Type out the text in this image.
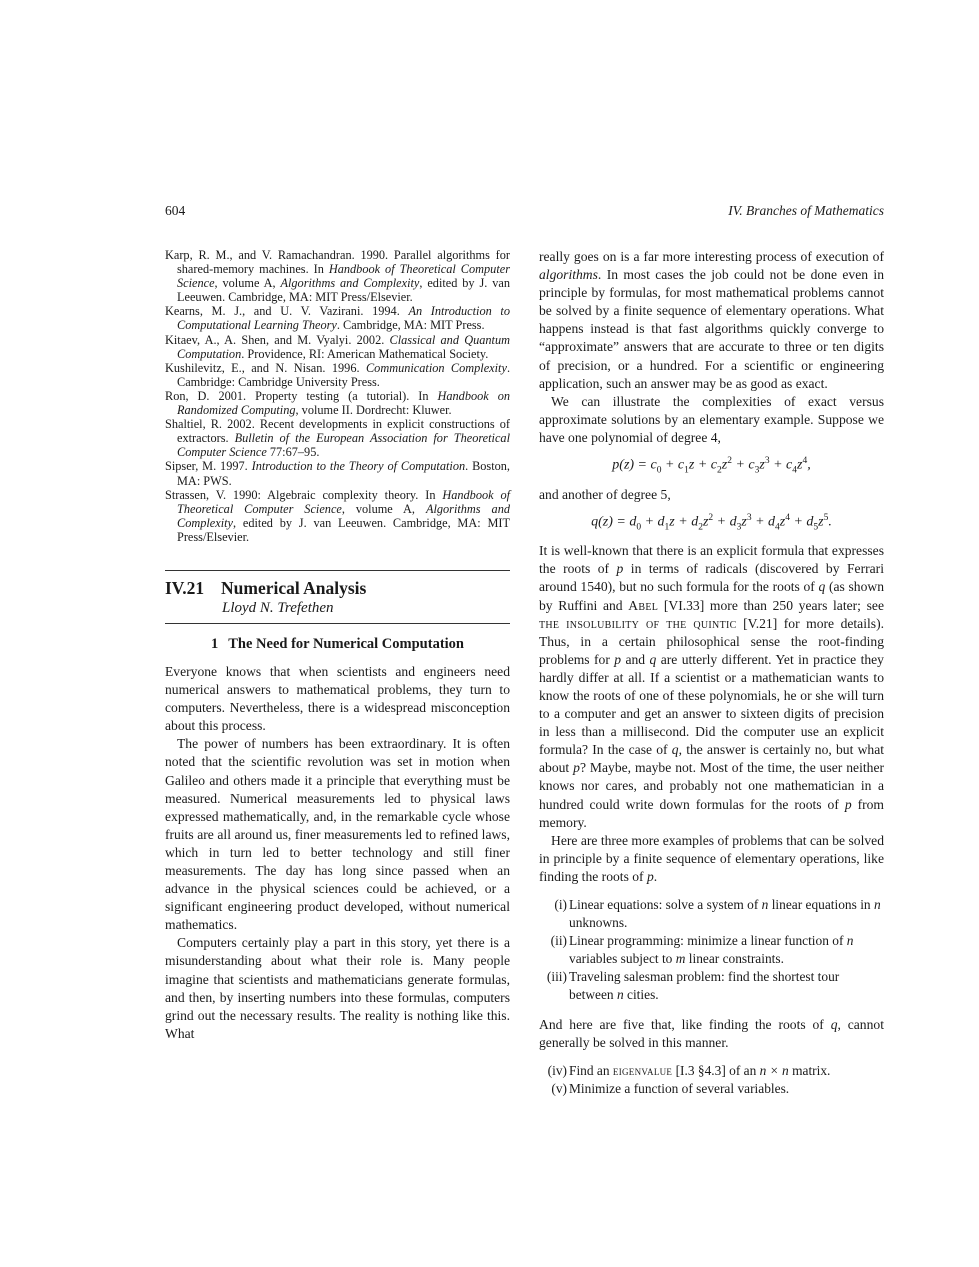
604	IV. Branches of Mathematics
Karp, R. M., and V. Ramachandran. 1990. Parallel algorithms for shared-memory machines. In Handbook of Theoretical Computer Science, volume A, Algorithms and Complexity, edited by J. van Leeuwen. Cambridge, MA: MIT Press/Elsevier.
Kearns, M. J., and U. V. Vazirani. 1994. An Introduction to Computational Learning Theory. Cambridge, MA: MIT Press.
Kitaev, A., A. Shen, and M. Vyalyi. 2002. Classical and Quantum Computation. Providence, RI: American Mathematical Society.
Kushilevitz, E., and N. Nisan. 1996. Communication Complexity. Cambridge: Cambridge University Press.
Ron, D. 2001. Property testing (a tutorial). In Handbook on Randomized Computing, volume II. Dordrecht: Kluwer.
Shaltiel, R. 2002. Recent developments in explicit constructions of extractors. Bulletin of the European Association for Theoretical Computer Science 77:67–95.
Sipser, M. 1997. Introduction to the Theory of Computation. Boston, MA: PWS.
Strassen, V. 1990: Algebraic complexity theory. In Handbook of Theoretical Computer Science, volume A, Algorithms and Complexity, edited by J. van Leeuwen. Cambridge, MA: MIT Press/Elsevier.
IV.21 Numerical Analysis
Lloyd N. Trefethen
1 The Need for Numerical Computation

Everyone knows that when scientists and engineers need numerical answers to mathematical problems, they turn to computers. Nevertheless, there is a widespread misconception about this process.

The power of numbers has been extraordinary. It is often noted that the scientific revolution was set in motion when Galileo and others made it a principle that everything must be measured. Numerical measurements led to physical laws expressed mathematically, and, in the remarkable cycle whose fruits are all around us, finer measurements led to refined laws, which in turn led to better technology and still finer measurements. The day has long since passed when an advance in the physical sciences could be achieved, or a significant engineering product developed, without numerical mathematics.

Computers certainly play a part in this story, yet there is a misunderstanding about what their role is. Many people imagine that scientists and mathematicians generate formulas, and then, by inserting numbers into these formulas, computers grind out the necessary results. The reality is nothing like this. What

really goes on is a far more interesting process of execution of algorithms. In most cases the job could not be done even in principle by formulas, for most mathematical problems cannot be solved by a finite sequence of elementary operations. What happens instead is that fast algorithms quickly converge to “approximate” answers that are accurate to three or ten digits of precision, or a hundred. For a scientific or engineering application, such an answer may be as good as exact.

We can illustrate the complexities of exact versus approximate solutions by an elementary example. Suppose we have one polynomial of degree 4,

$p(z) = c_0 + c_1z + c_2z^2 + c_3z^3 + c_4z^4$,

and another of degree 5,

$q(z) = d_0 + d_1z + d_2z^2 + d_3z^3 + d_4z^4 + d_5z^5$.

It is well-known that there is an explicit formula that expresses the roots of p in terms of radicals (discovered by Ferrari around 1540), but no such formula for the roots of q (as shown by Ruffini and Abel [VI.33] more than 250 years later; see the insolubility of the quintic [V.21] for more details). Thus, in a certain philosophical sense the root-finding problems for p and q are utterly different. Yet in practice they hardly differ at all. If a scientist or a mathematician wants to know the roots of one of these polynomials, he or she will turn to a computer and get an answer to sixteen digits of precision in less than a millisecond. Did the computer use an explicit formula? In the case of q, the answer is certainly no, but what about p? Maybe, maybe not. Most of the time, the user neither knows nor cares, and probably not one mathematician in a hundred could write down formulas for the roots of p from memory.

Here are three more examples of problems that can be solved in principle by a finite sequence of elementary operations, like finding the roots of p.

(i) Linear equations: solve a system of n linear equations in n unknowns.
(ii) Linear programming: minimize a linear function of n variables subject to m linear constraints.
(iii) Traveling salesman problem: find the shortest tour between n cities.

And here are five that, like finding the roots of q, cannot generally be solved in this manner.

(iv) Find an eigenvalue [I.3 §4.3] of an n × n matrix.
(v) Minimize a function of several variables.
